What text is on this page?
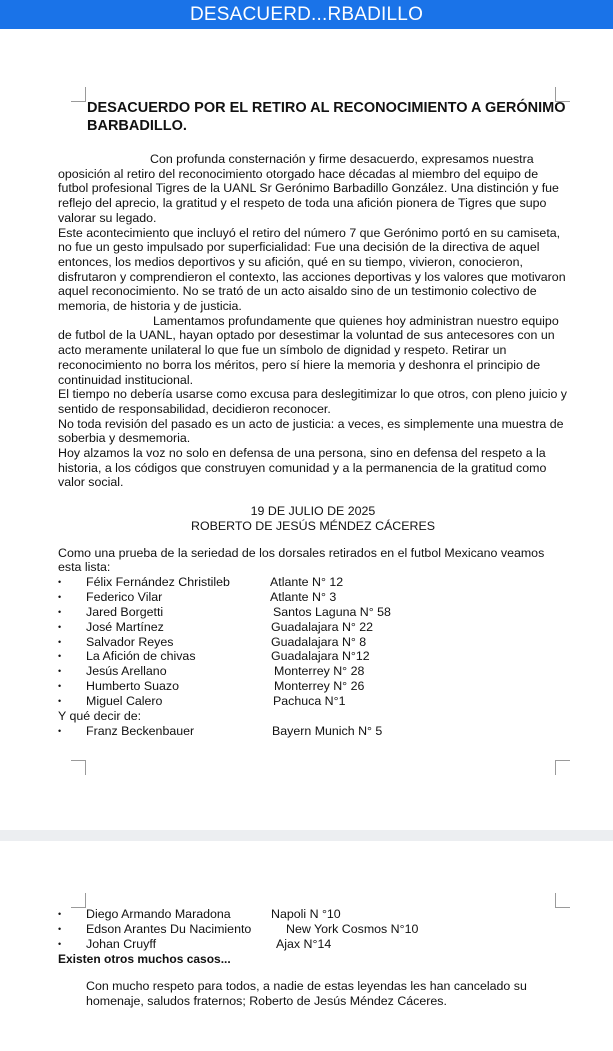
DESACUERD...RBADILLO
DESACUERDO POR EL RETIRO AL RECONOCIMIENTO A GERÓNIMO BARBADILLO.

Con profunda consternación y firme desacuerdo, expresamos nuestra oposición al retiro del reconocimiento otorgado hace décadas al miembro del equipo de futbol profesional Tigres de la UANL Sr Gerónimo Barbadillo González. Una distinción y fue reflejo del aprecio, la gratitud y el respeto de toda una afición pionera de Tigres que supo valorar su legado.

Este acontecimiento que incluyó el retiro del número 7 que Gerónimo portó en su camiseta, no fue un gesto impulsado por superficialidad: Fue una decisión de la directiva de aquel entonces, los medios deportivos y su afición, qué en su tiempo, vivieron, conocieron, disfrutaron y comprendieron el contexto, las acciones deportivas y los valores que motivaron aquel reconocimiento. No se trató de un acto aisaldo sino de un testimonio colectivo de memoria, de historia y de justicia.

Lamentamos profundamente que quienes hoy administran nuestro equipo de futbol de la UANL, hayan optado por desestimar la voluntad de sus antecesores con un acto meramente unilateral lo que fue un símbolo de dignidad y respeto. Retirar un reconocimiento no borra los méritos, pero sí hiere la memoria y deshonra el principio de continuidad institucional.

El tiempo no debería usarse como excusa para deslegitimizar lo que otros, con pleno juicio y sentido de responsabilidad, decidieron reconocer.

No toda revisión del pasado es un acto de justicia: a veces, es simplemente una muestra de soberbia y desmemoria.

Hoy alzamos la voz no solo en defensa de una persona, sino en defensa del respeto a la historia, a los códigos que construyen comunidad y a la permanencia de la gratitud como valor social.

19 DE JULIO DE 2025

ROBERTO DE JESÚS MÉNDEZ CÁCERES

Como una prueba de la seriedad de los dorsales retirados en el futbol Mexicano veamos esta lista:

• Félix Fernández Christileb	Atlante N° 12
• Federico Vilar	Atlante N° 3
• Jared Borgetti	Santos Laguna N° 58
• José Martínez	Guadalajara N° 22
• Salvador Reyes	Guadalajara N° 8
• La Afición de chivas	Guadalajara N°12
• Jesús Arellano	Monterrey N° 28
• Humberto Suazo	Monterrey N° 26
• Miguel Calero	Pachuca N°1

Y qué decir de:

• Franz Beckenbauer	Bayern Munich N° 5
• Diego Armando Maradona	Napoli N °10
• Edson Arantes Du Nacimiento	New York Cosmos N°10
• Johan Cruyff	Ajax N°14

Existen otros muchos casos...

Con mucho respeto para todos, a nadie de estas leyendas les han cancelado su homenaje, saludos fraternos; Roberto de Jesús Méndez Cáceres.
